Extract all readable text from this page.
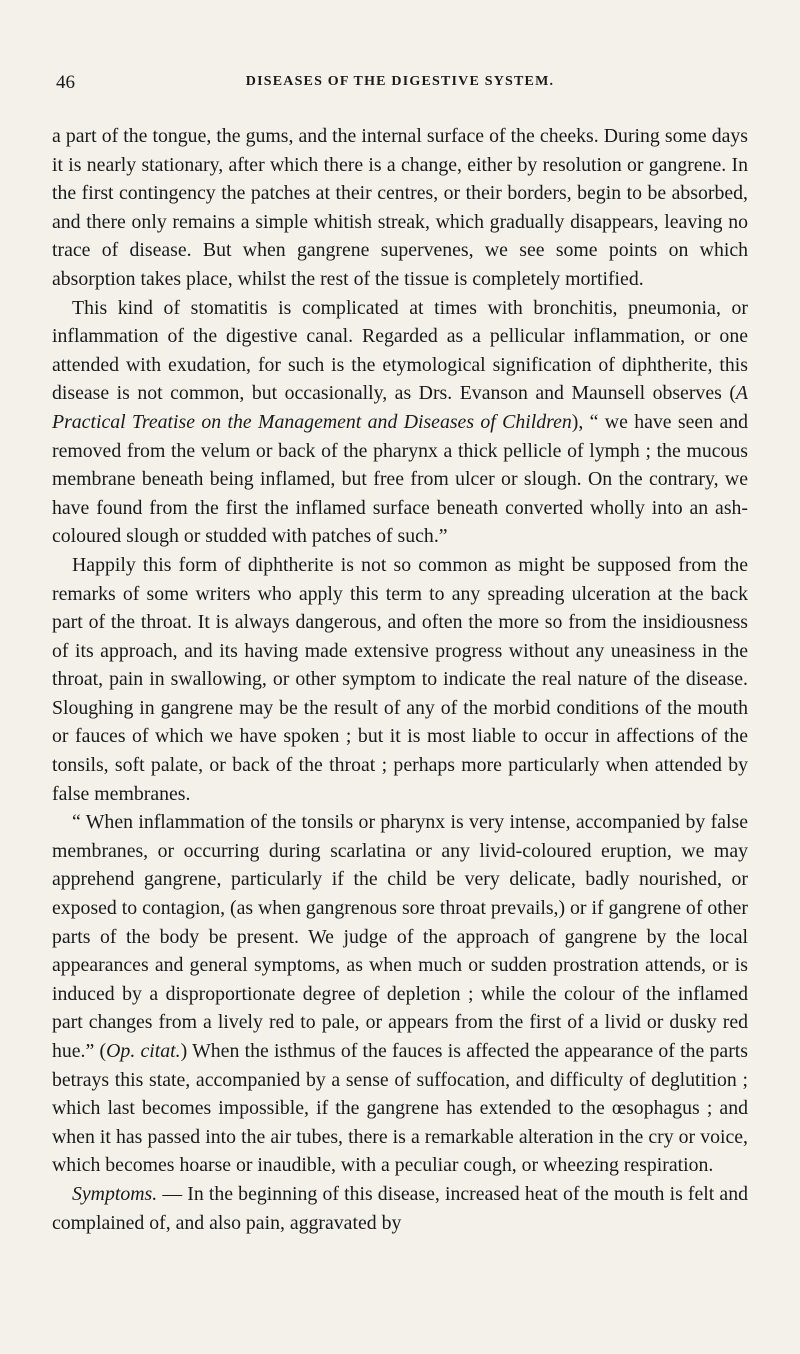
46	DISEASES OF THE DIGESTIVE SYSTEM.

a part of the tongue, the gums, and the internal surface of the cheeks. During some days it is nearly stationary, after which there is a change, either by resolution or gangrene. In the first contingency the patches at their centres, or their borders, begin to be absorbed, and there only remains a simple whitish streak, which gradually disappears, leaving no trace of disease. But when gangrene supervenes, we see some points on which absorption takes place, whilst the rest of the tissue is completely mortified.

This kind of stomatitis is complicated at times with bronchitis, pneumonia, or inflammation of the digestive canal. Regarded as a pellicular inflammation, or one attended with exudation, for such is the etymological signification of diphtherite, this disease is not common, but occasionally, as Drs. Evanson and Maunsell observes (A Practical Treatise on the Management and Diseases of Children), “ we have seen and removed from the velum or back of the pharynx a thick pellicle of lymph ; the mucous membrane beneath being inflamed, but free from ulcer or slough. On the contrary, we have found from the first the inflamed surface beneath converted wholly into an ash-coloured slough or studded with patches of such.”

Happily this form of diphtherite is not so common as might be supposed from the remarks of some writers who apply this term to any spreading ulceration at the back part of the throat. It is always dangerous, and often the more so from the insidiousness of its approach, and its having made extensive progress without any uneasiness in the throat, pain in swallowing, or other symptom to indicate the real nature of the disease. Sloughing in gangrene may be the result of any of the morbid conditions of the mouth or fauces of which we have spoken ; but it is most liable to occur in affections of the tonsils, soft palate, or back of the throat ; perhaps more particularly when attended by false membranes.

“ When inflammation of the tonsils or pharynx is very intense, accompanied by false membranes, or occurring during scarlatina or any livid-coloured eruption, we may apprehend gangrene, particularly if the child be very delicate, badly nourished, or exposed to contagion, (as when gangrenous sore throat prevails,) or if gangrene of other parts of the body be present. We judge of the approach of gangrene by the local appearances and general symptoms, as when much or sudden prostration attends, or is induced by a disproportionate degree of depletion ; while the colour of the inflamed part changes from a lively red to pale, or appears from the first of a livid or dusky red hue.” (Op. citat.) When the isthmus of the fauces is affected the appearance of the parts betrays this state, accompanied by a sense of suffocation, and difficulty of deglutition ; which last becomes impossible, if the gangrene has extended to the œsophagus ; and when it has passed into the air tubes, there is a remarkable alteration in the cry or voice, which becomes hoarse or inaudible, with a peculiar cough, or wheezing respiration.

Symptoms. — In the beginning of this disease, increased heat of the mouth is felt and complained of, and also pain, aggravated by
